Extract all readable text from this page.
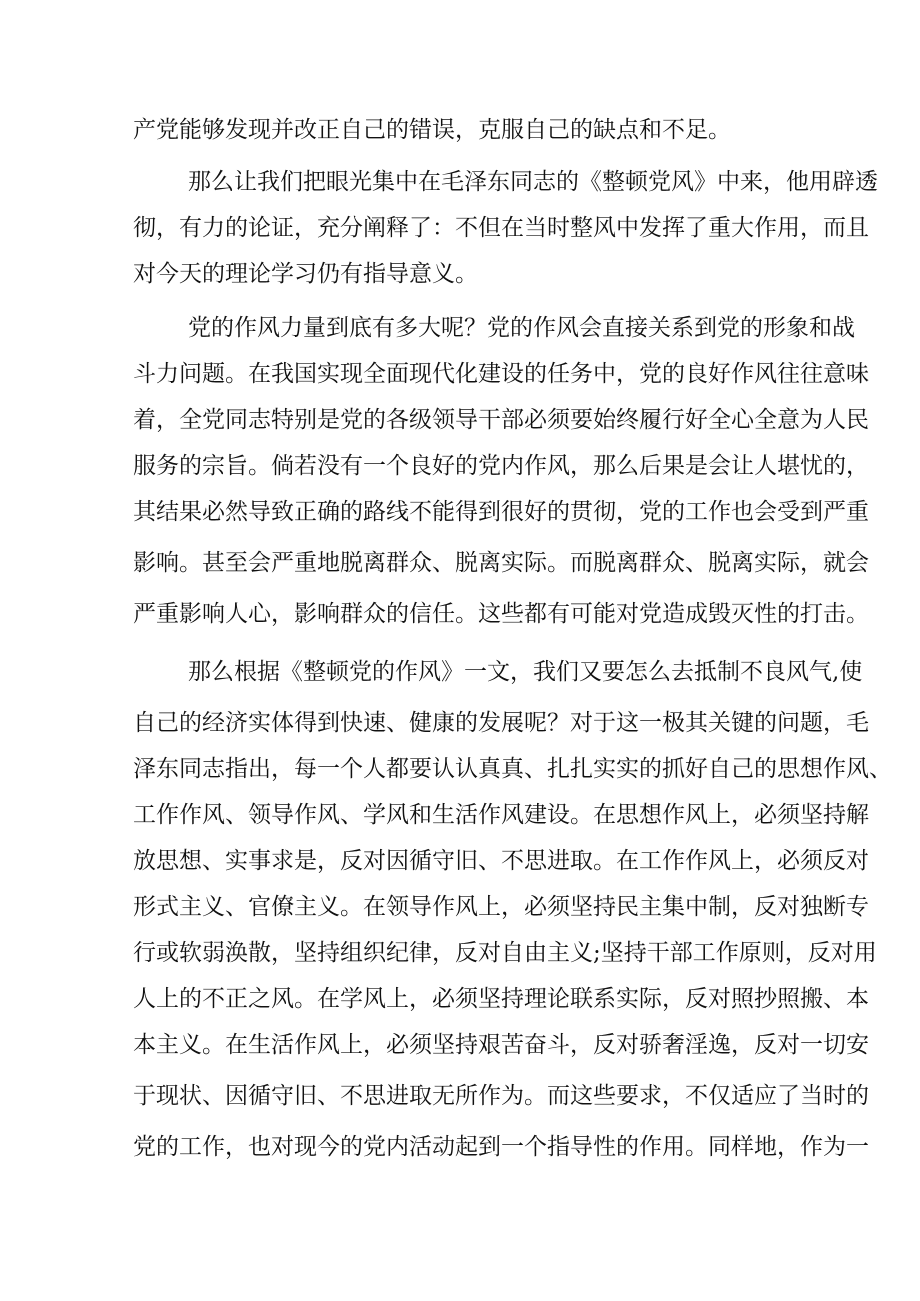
产党能够发现并改正自己的错误，克服自己的缺点和不足。
那么让我们把眼光集中在毛泽东同志的《整顿党风》中来，他用辟透
彻，有力的论证，充分阐释了：不但在当时整风中发挥了重大作用，而且
对今天的理论学习仍有指导意义。
党的作风力量到底有多大呢？党的作风会直接关系到党的形象和战
斗力问题。在我国实现全面现代化建设的任务中，党的良好作风往往意味
着，全党同志特别是党的各级领导干部必须要始终履行好全心全意为人民
服务的宗旨。倘若没有一个良好的党内作风，那么后果是会让人堪忧的，
其结果必然导致正确的路线不能得到很好的贯彻，党的工作也会受到严重
影响。甚至会严重地脱离群众、脱离实际。而脱离群众、脱离实际，就会
严重影响人心，影响群众的信任。这些都有可能对党造成毁灭性的打击。
那么根据《整顿党的作风》一文，我们又要怎么去抵制不良风气,使
自己的经济实体得到快速、健康的发展呢？对于这一极其关键的问题，毛
泽东同志指出，每一个人都要认认真真、扎扎实实的抓好自己的思想作风、
工作作风、领导作风、学风和生活作风建设。在思想作风上，必须坚持解
放思想、实事求是，反对因循守旧、不思进取。在工作作风上，必须反对
形式主义、官僚主义。在领导作风上，必须坚持民主集中制，反对独断专
行或软弱涣散，坚持组织纪律，反对自由主义;坚持干部工作原则，反对用
人上的不正之风。在学风上，必须坚持理论联系实际，反对照抄照搬、本
本主义。在生活作风上，必须坚持艰苦奋斗，反对骄奢淫逸，反对一切安
于现状、因循守旧、不思进取无所作为。而这些要求，不仅适应了当时的
党的工作，也对现今的党内活动起到一个指导性的作用。同样地，作为一
